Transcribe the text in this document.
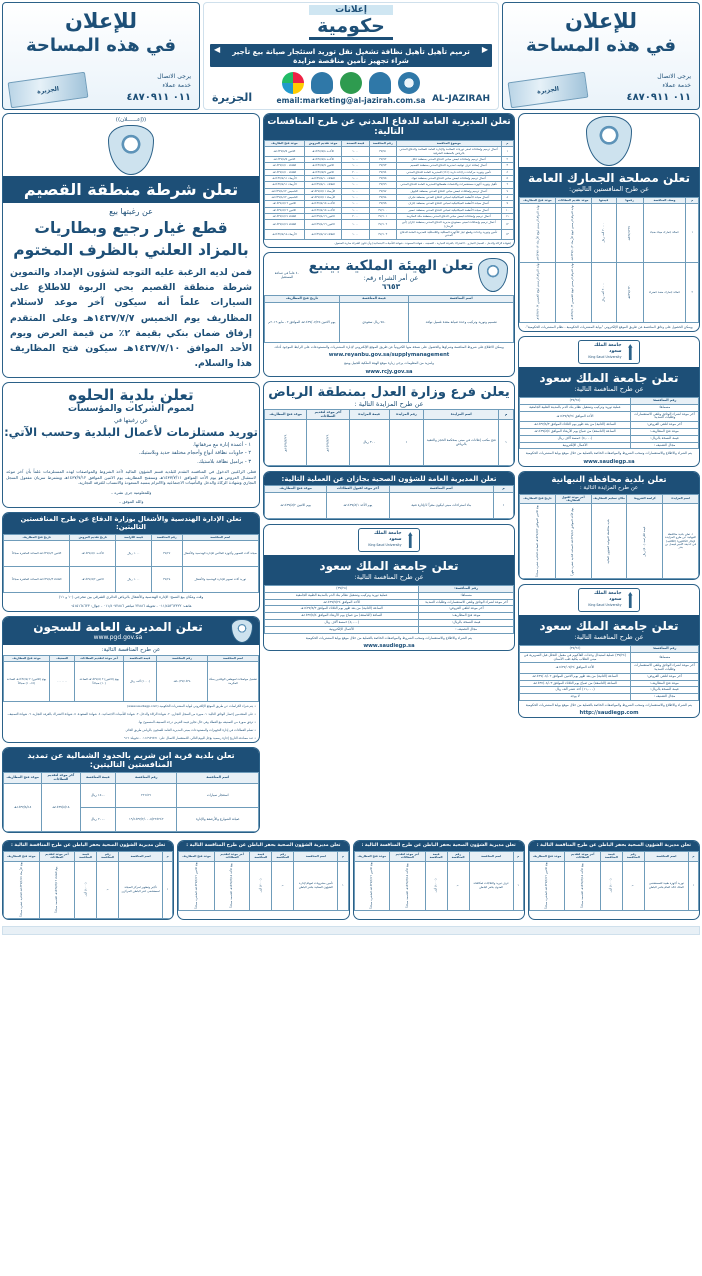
للإعلان
في هذه المساحة
الجزيرة
يرجى الاتصال
خدمة عملاء
٠١١ ٤٨٧٠٩١١
إعلانات
حكومية
◀ ترميم تأهيل تأهيل نظافة تشغيل نقل توريد استئجار صيانة بيع تأجير شراء تجهيز تأمين مناقصة مزايدة ▶
email:marketing@al-jazirah.com.sa AL-JAZIRAH
الجزيرة
للإعلان
في هذه المساحة
الجزيرة
يرجى الاتصال
خدمة عملاء
٠١١ ٤٨٧٠٩١١
تعلن مصلحة الجمارك العامة
عن طرح المنافستين التاليتين:
م	وصف المنافسة	رقمها	قيمتها	موعد تقديم العطاءات	موعد فتح المظاريف
١	حمالة جمارك ميناء ضباء	٤٣٧/١٢٢٩هـ	٢٠٠٠٠ ألف ريال	نهاية الدوام الرسمي ليوم الأربعاء ١٤٣٧/١٠/٢هـ	نهاية الدوام الرسمي ليوم الأربعاء ١٤٣٧/١٠/٢هـ
٢	حمالة جمارك منفذ خضراء	٤٣٧/١٢٣٠هـ	٢٠٠٠٠ ألف ريال	نهاية الدوام الرسمي ليوم الخميس ١٤٣٧/١٠/٣هـ	نهاية الدوام الرسمي ليوم الخميس ١٤٣٧/١٠/٣هـ
ويمكن الحصول على وثائق المنافسة عن طريق الموقع الإلكتروني "بوابة المشتريات الحكومية - نظام المشتريات الحكومية".
جامعة الملك سعود
King Saud University
تعلن جامعة الملك سعود
عن طرح المنافسة التالية:
رقم المنافسة:	(٣٧/٢٥)
مسماها:	عملية توريد وتركيب وتشغيل نظام بنك الدم بالمدينة الطبية الجامعية
آخر موعد لشراء الوثائق وتلقي الاستفسارات وطلبات التمديد:	الأحد الموافق ١٤٣٧/٧/٢٤هـ
آخر موعد لتلقي العروض:	الساعة (الثانية) من بعد ظهر يوم الثلاثاء الموافق ١٤٣٧/٨/٣هـ
موعد فتح المظاريف:	الساعة (التاسعة) من صباح يوم الأربعاء الموافق ١٤٣٧/٨/٤هـ
قيمة النسخة بالريال:	(٥,٠٠٠) خمسة آلاف ريال
مجال التصنيف :	الأعمال الإلكترونية
يتم الشراء والاطلاع والاستفسارات وسحب الشروط والمواصفات الخاصة بالعملية من خلال موقع بوابة المشتريات الحكومية
www.saudiegp.sa
تعلن بلدية محافظة النبهانية
عن طرح المزايدة التالية :
اسم المزايدة	كراسة الشروط	مكان تسليم المظاريف	آخر موعد لقبول المظاريف	تاريخ فتح المظاريف
١. تعلن بلدية محافظة النبهانية عن طرح المزايدة لإيجار الكافتيريا (الكافيه) في حديقة الأمير فيصل بن بندر	قيمة الكراسة (٥٠٠) ريال	بلدية محافظة النبهانية الشؤون المالية	يوم الأحد الموافق ١٤٣٧/٨/١هـ الساعة الثانية عشرة ظهراً	يوم الاثنين الموافق ١٤٣٧/٨/٢هـ الساعة الحادية عشرة صباحاً
جامعة الملك سعود
King Saud University
تعلن جامعة الملك سعود
عن طرح المنافسة التالية:
رقم المنافسة:	(٣٧/٢٤)
مسماها:	(٣٧/٢٤) عملية استبدال وحدات الفاكيوم في معمل التحلل قبل السريرية في مبنى الطلاب بكلية طب الأسنان
آخر موعد لشراء الوثائق وتلقي الاستفسارات وطلبات التمديد:	الأحد الموافق ١٤٣٧/٠٧/٢٤هـ
آخر موعد لتلقي العروض:	الساعة (الثانية) من بعد ظهر يوم الاثنين الموافق ١٤٣٧/٠٨/٠٢هـ
موعد فتح المظاريف:	الساعة (التاسعة) من صباح يوم الثلاثاء الموافق ١٤٣٧/٠٨/٠٣هـ
قيمة النسخة بالريال:	(١١,٠٠٠) أحد عشر ألف ريال
مجال التصنيف :	لا يوجد
يتم الشراء والاطلاع والاستفسارات وسحب الشروط والمواصفات الخاصة بالعملية من خلال موقع بوابة المشتريات الحكومية
http://saudiegp.com
تعلن المديرية العامة للدفاع المدني عن طرح المنافسات التالية:
م	موضوع المنافسة	رقم المنافسة	قيمة النسخة	موعد تقديم العروض	موعد فتح الظاريف
١	أعمال ترميم وإضافات لمقر دوريات السلامة والإدارة العامة للسلامة والدفاع المدني بالرياض بالمنطقة الشرقية	٣٧/٩١	١٠٠٠	الأحــد ١٤٣٧/٨/٨هـ	الاثنين ١٤٣٧/٨/٩هـ
٢	أعمال ترميم وإضافات لبعض مباني الدفاع المدني بمنطقة حائل	٣٧/٩٢	١٠٠٠	الأحــد ١٤٣٧/٨/٨هـ	الاثنين ١٤٣٧/٨/٩هـ
٣	أعمال إضافة غرف توقيف لمديرية الدفاع المدني بمنطقة القصيم	٣٧/٩٣	١٠٠٠	الاثنين ١٤٣٧/٨/٩هـ	الثلاثاء ١٤٣٧/٨/١٠هـ
٤	تأمين وتوريد مركبات دراجات نارية (١٤١) للمديرية العامة للدفاع المدني	٣٧/٩٤	٢٠٠٠	الاثنين ١٤٣٧/٨/٩هـ	الثلاثاء ١٤٣٧/٨/١٠هـ
٥	أعمال ترميم وإضافات لبعض مباني الدفاع المدني بمنطقة تبوك	٣٧/٩٥	١٠٠٠	الثلاثاء ١٤٣٧/٨/١٠هـ	الأربعاء ١٤٣٧/٨/١١هـ
٦	تأهيل وتوريد أجهزة مستشعرات وكاشفات ظغطاتها للمديرية العامة للدفاع المدني	٣٧/٩٦	١٠٠٠	الثلاثاء ١٤٣٧/٨/١٠هـ	الأربعاء ١٤٣٧/٨/١١هـ
٧	أعمال ترميم وإضافات لبعض مباني الدفاع المدني بمنطقة الجوف	٣٧/٩٧	١٠٠٠	الأربعاء ١٤٣٧/٨/١١هـ	الخميس ١٤٣٧/٨/١٢هـ
٨	أعمال صيانة الأنظمة الميكانيكية لمباني الدفاع المدني بمنطقة نجران	٣٧/٩٨	١٠٠٠	الأربعاء ١٤٣٧/٨/١١هـ	الخميس ١٤٣٧/٨/١٢هـ
٩	أعمال صيانة الأنظمة الميكانيكية لمباني الدفاع المدني بمنطقة جازان	٣٧/٩٩	١٠٠٠	الأحــد ١٤٣٧/٨/١٥هـ	الاثنين ١٤٣٧/٨/١٦هـ
١٠	أعمال صيانة الأنظمة الميكانيكية لمباني الدفاع المدني بمنطقة عسير	٣٧/١٠٠	١٠٠٠	الأحــد ١٤٣٧/٨/١٥هـ	الاثنين ١٤٣٧/٨/١٦هـ
١١	أعمال ترميم وإضافات لبعض مباني الدفاع المدني بمنطقة مكة المكرمة	٣٧/١٠١	٢٠٠٠	الاثنين ١٤٣٧/٨/١٦هـ	الثلاثاء ١٤٣٧/٨/١٧هـ
١٢	أعمال ترميم وإضافات لمبنى مستودع مديرية الدفاع المدني بمنطقة جازان (أبي الرمان)	٣٧/١٠٢	١٠٠٠	الاثنين ١٤٣٧/٨/١٦هـ	الثلاثاء ١٤٣٧/٨/١٧هـ
١٣	تأمين وتوريد وحدات وقطع غيار للأجهزة السلكية واللاسلكية للمديرية العامة للدفاع المدني	٣٧/١٠٣	١٠٠٠	الثلاثاء ١٤٣٧/٨/١٧هـ	الأربعاء ١٤٣٧/٨/١٨هـ
(شهادة الزكاة والدخل - السجل التجاري - الاشتراك بالغرفة التجارية - التصنيف - شهادة السعودة - شهادة التأمينات الاجتماعية) وأن تكون الشركة سارية المفعول.
تعلن الهيئة الملكية بينبع
عن أمر الشراء رقم:
٦٦٥٣
٤٠ عاماً في صناعة المستقبل
اسم المنافسة	قيمة المنافسة	تاريخ فتح المظاريف
تصميم وتوريد وتركيب وحدة صيانة معدة غسيل نوافذ	٧٥٠ ريال سعودي	يوم الاثنين ١٤٣٧/٠٧/٢٥هـ الموافق ٠٢ مايو ٢٠١٦م
ويمكن الاطلاع على شروط المنافسة وشراؤها والحصول على نسخة منها الكترونياً عن طريق الموقع الإلكتروني لإدارة المشتريات والمستودعات على الرابط الموجود أدناه.
www.reyanbu.gov.sa/supplymanagement
ولمزيد من المعلومات يرجى زيارة موقع الهيئة الملكية للجبيل وينبع
www.rcjy.gov.sa
يعلن فرع وزارة العدل بمنطقة الرياض
عن طرح المزايدة التالية :
م	اسم المزايدة	رقم المزايدة	قيمة المزايدة	آخر موعد لتقديم العطاءات	موعد فتح المظاريف
١	فتح مكتب إعلانات في مبنى بمحكمة الحجز والتنفيذ بالرياض	١	٣٠٠ ريال	١٤٣٨/٧/٢٩هـ	١٤٣٨/٧/٢٩هـ
تعلن المديرية العامة للشؤون الصحية بجازان عن العملية التالية:
م	اسم المنافسة	آخر موعد لقبول العطاءات	موعد فتح المظاريف
١	بناء استراحات مبنى ليكون مقراً لـ/إدارة فنية	يوم الأحد ١٤٣٧/٨/١هـ	يوم الاثنين ١٤٣٧/٨/٢هـ
جامعة الملك سعود
King Saud University
تعلن جامعة الملك سعود
عن طرح المنافسة التالية:
رقم المنافسة:	(٣٧/٢٥)
مسماها:	عملية توريد وتركيب وتشغيل نظام بنك الدم بالمدينة الطبية الجامعية
آخر موعد لشراء الوثائق وتلقي الاستفسارات وطلبات التمديد:	الأحد الموافق ١٤٣٧/٧/٢٤هـ
آخر موعد لتلقي العروض:	الساعة (الثانية) من بعد ظهر يوم الثلاثاء الموافق ١٤٣٧/٨/٣هـ
موعد فتح المظاريف:	الساعة (التاسعة) من صباح يوم الأربعاء الموافق ١٤٣٧/٨/٤هـ
قيمة النسخة بالريال:	(٥,٠٠٠) خمسة آلاف ريال
مجال التصنيف :	الأعمال الإلكترونية
يتم الشراء والاطلاع والاستفسارات وسحب الشروط والمواصفات الخاصة بالعملية من خلال موقع بوابة المشتريات الحكومية
www.saudiegp.sa
((إعــــــلان))
تعلن شرطة منطقة القصيم
عن رغبتها بيع
قطع غيار رجيع وبطاريات
بالمزاد العلني بالظرف المختوم
فمن لديه الرغبة عليه التوجه لشؤون الإمداد والتموين شرطة منطقة القصيم بحي الربوة للاطلاع على السيارات علماً أنه سيكون آخر موعد لاستلام المظاريف يوم الخميس ١٤٣٧/٧/٧هـ وعلى المتقدم إرفاق ضمان بنكي بقيمة ٢٪ من قيمة العرض ويوم الأحد الموافق ١٤٣٧/٧/١٠هـ سيكون فتح المظاريف هذا والسلام.
تعلن بلدية الحلوه
لعموم الشركات والمؤسسات
عن رغبتها في
توريد مستلزمات لأعمال البلدية وحسب الآتي:
١ - أعمدة إنارة مع مرفقاتها.
٢ - حاويات نظافة أنواع وأحجام مختلفة حديد وبلاستيك.
٣ - براميل نظافة بلاستيك.
فعلى الراغبين الدخول في المنافسة التقدم للبلدية قسم الشؤون المالية لأخذ الشروط والمواصفات لهذه المستلزمات علماً بأن آخر موعد لاستقبال العروض هو يوم الأحد الموافق ١٤٣٧/٧/١١هـ وستفتح المظاريف يوم الاثنين الموافق ١٤٣٧/٧/١٢هـ ويشترط سريان مفعول السجل التجاري وشهادة الزكاة والدخل والتأمينات الاجتماعية والالتزام بنسبة السعودة والانتساب للغرفة التجارية.
وللمعلومية جرى نشره ..
والله الموفق ..
تعلن الإدارة الهندسية والأشغال بوزارة الدفاع عن طرح المنافستين التاليتين:
اسم المنافسة	رقم المنافسة	قيمة الكراسة	تاريخ تقديم العروض	تاريخ فتح المظاريف
صيانة آلات التصوير وأجهزة الفاكس للإدارة الهندسية والأشغال	٣٧/٢٧	١٠٠٠ ريال	الأحــد ١٤٣٧/٨/١هـ	الاثنين ١٤٣٧/٨/٢هـ الساعة العاشرة صباحاً
توريد آلات تصوير للإدارة الهندسية والأشغال	٣٧/٢٨	١٠٠٠ ريال	الاثنين ١٤٣٧/٨/٢هـ	الثلاثاء ١٤٣٧/٨/٣هـ الساعة العاشرة صباحاً
وقت ومكان بيع النسخ: الإدارة الهندسية والأشغال بالرياض الدائري الشرقي بين مخرجي (١٠ و ١١)
هاتف: ٠١١/٤٥٢٦٢٣٢٢ - تحويلة ٢٢٨٨٦ مباشر ٠١١/٤٠٧٢٨٨٦ - جوال: ٠٥١٥١٦٤٦٢٣
تعلن المديرية العامة للسجون
www.pgd.gov.sa
عن طرح المنافسة التالية:
اسم المنافسة	رقم المنافسة	قيمة المنافسة	آخر موعد لتقديم العطاءات	التصنيف	موعد فتح المظاريف
تشغيل مواصلات لموظفي الوافدين بمكة المكرمة	٨٠/٣٧/١٤٣٨هـ	(١٠٠٠) ألف ريال	يوم (الاثنين) ٢ /١٤٣٧/٨هـ الساعة (١٠) صباحاً	٠٠٠٠٠٠٠	يوم (الاثنين) ٢ /١٤٣٧/٨هـ الساعة (١٠،١٥) صباحاً
• يتم شراء الكراسات عن طريق الموقع الإلكتروني لبوابة المشتريات الحكومية (www.saudiegp.com)
• على المتقدمين إحضار الوثائق التالية: ١. صورة من السجل التجاري. ٢. شهادة الزكاة والدخل. ٣. شهادة التأمينات الاجتماعية. ٤. شهادة السعودة. ٥. شهادة الاشتراك بالغرفة التجارية. ٦. شهادة التصنيف.
• ترفق صورة من التصنيف مع العطاء وفي حال تجاوز قيمة العرض درجة التصنيف المسموح بها.
• تسلم العطاءات في إدارة التجهيزات والمستودعات بمبنى المديرية العامة للسجون بالرياض طريق الحائر.
• عند مصادفة التاريخ إجازة رسمية يؤجل لليوم التالي. للاستفسار الاتصال على: ٠١١٤٩٤٩٤٢١ - تحويلة: ٩١٦
تعلن بلدية قرية ابن شريم بالحدود الشمالية عن تمديد المنافستين التاليتين:
اسم المنافسة	رقم المنافسة	قيمة المنافسة	آخر موعد لتقديم العطاءات	موعد فتح المظاريف
استئجار سيارات	٢٢١٤٢١	١٥٠٠ ريال	١٤٣٧/٨/١٨هـ	١٤٣٧/٨/١٨هـ
صيانة الشوارع والأرصفة والإنارة	١٩/١٤٣٧/٢/٠٠٠٥/٢٢٤٢٤٢	٢٠٠٠ ريال		
تعلن مديرية الشؤون الصحية بحفر الباطن عن طرح المنافسة التالية :
م	اسم المنافسة	رقم المنافسة	قيمة المنافسة	آخر موعد لتقديم العطاءات	موعد فتح المظاريف
١	توريد أجهزة طبية للمستشفى الملك خالد العام بحفر الباطن	١	(١٠٠٠) ألف	يوم الأحد ١٤٣٧/٤/١٥هـ التاسعة صباحاً	يوم الاثنين ١٤٣٧/٤/١٦هـ العاشرة صباحاً
تعلن مديرية الشؤون الصحية بحفر الباطن عن طرح المنافسة التالية :
م	اسم المنافسة	رقم المنافسة	قيمة المنافسة	آخر موعد لتقديم العطاءات	موعد فتح المظاريف
١	غرف تبريد والثلاجات لمكافحة العدوى بحفر الباطن	١	(١٠٠٠) ألف	يوم الأحد ١٤٣٧/٤/١٥هـ التاسعة صباحاً	يوم الاثنين ١٤٣٧/٤/١٦هـ العاشرة صباحاً
تعلن مديرية الشؤون الصحية بحفر الباطن عن طرح المنافسة التالية :
م	اسم المنافسة	رقم المنافسة	قيمة المنافسة	آخر موعد لتقديم العطاءات	موعد فتح المظاريف
١	تأمين مشروبات لمهام لإدارة الشؤون الصحية بحفر الباطن	١	(٢٠٠٠) ألف	يوم الأحد ١٤٣٧/٤/١٥هـ التاسعة صباحاً	يوم الاثنين ١٤٣٧/٤/١٦هـ العاشرة صباحاً
تعلن مديرية الشؤون الصحية بحفر الباطن عن طرح المنافسة التالية :
م	اسم المنافسة	رقم المنافسة	قيمة المنافسة	آخر موعد لتقديم العطاءات	موعد فتح المظاريف
١	تأجير وتطوير لمركز الصيانة لمستشفى حفر الباطن المركزي	١	(١٠٠٠) ألف	يوم الثلاثاء ١٤٣٧/٤/١٦هـ التاسعة صباحاً	يوم الأربعاء ١٤٣٧/٤/١٧هـ الحادية عشرة صباحاً
